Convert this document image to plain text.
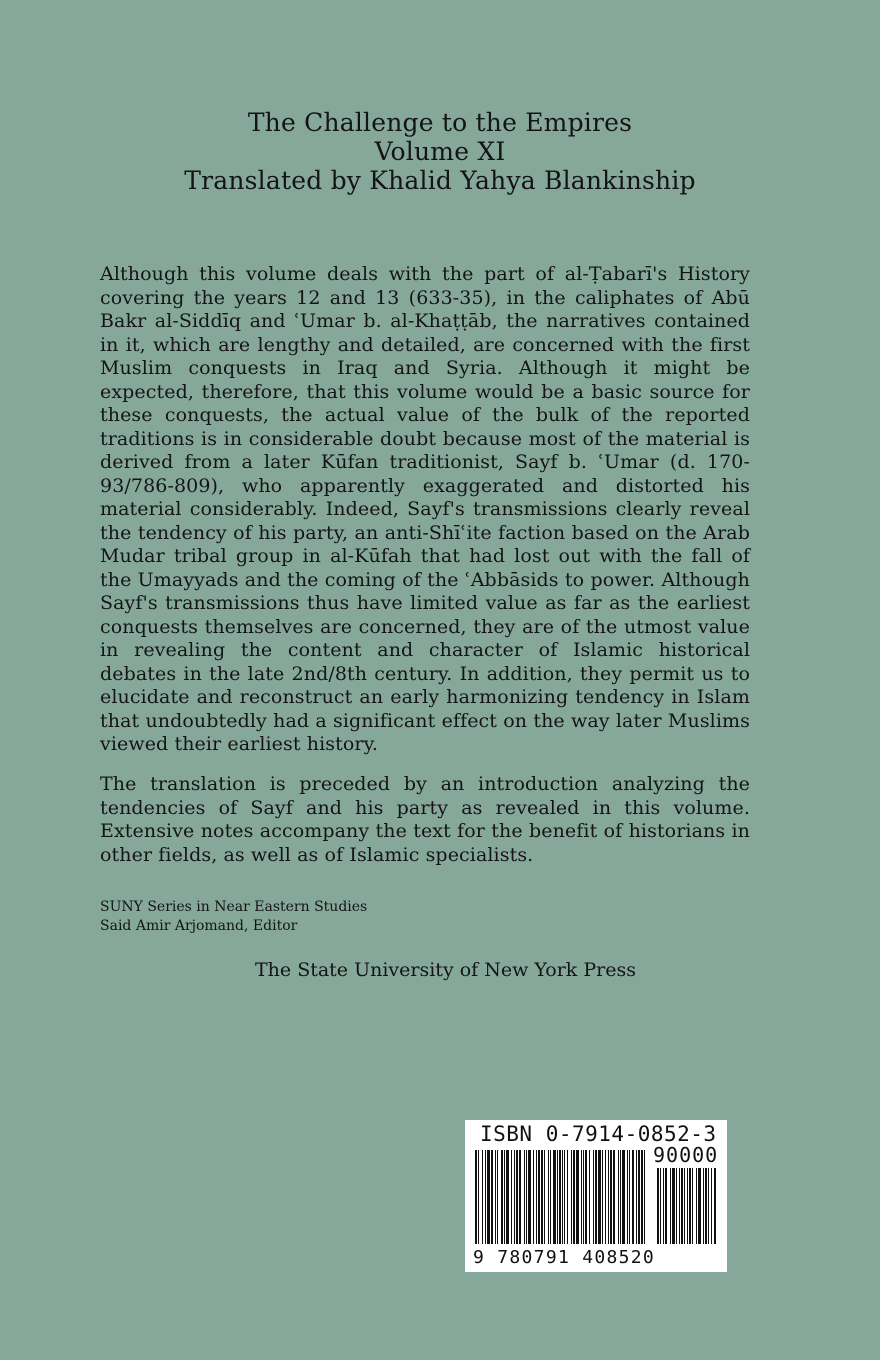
The Challenge to the Empires
Volume XI
Translated by Khalid Yahya Blankinship

Although this volume deals with the part of al-Ṭabarī's History covering the years 12 and 13 (633-35), in the caliphates of Abū Bakr al-Siddīq and ʿUmar b. al-Khaṭṭāb, the narratives contained in it, which are lengthy and detailed, are concerned with the first Muslim conquests in Iraq and Syria. Although it might be expected, therefore, that this volume would be a basic source for these conquests, the actual value of the bulk of the reported traditions is in considerable doubt because most of the material is derived from a later Kūfan traditionist, Sayf b. ʿUmar (d. 170-93/786-809), who apparently exaggerated and distorted his material considerably. Indeed, Sayf's transmissions clearly reveal the tendency of his party, an anti-Shīʿite faction based on the Arab Mudar tribal group in al-Kūfah that had lost out with the fall of the Umayyads and the coming of the ʿAbbāsids to power. Although Sayf's transmissions thus have limited value as far as the earliest conquests themselves are concerned, they are of the utmost value in revealing the content and character of Islamic historical debates in the late 2nd/8th century. In addition, they permit us to elucidate and reconstruct an early harmonizing tendency in Islam that undoubtedly had a significant effect on the way later Muslims viewed their earliest history.

The translation is preceded by an introduction analyzing the tendencies of Sayf and his party as revealed in this volume. Extensive notes accompany the text for the benefit of historians in other fields, as well as of Islamic specialists.

SUNY Series in Near Eastern Studies
Said Amir Arjomand, Editor
The State University of New York Press
ISBN 0-7914-0852-3
90000
9 780791 408520
